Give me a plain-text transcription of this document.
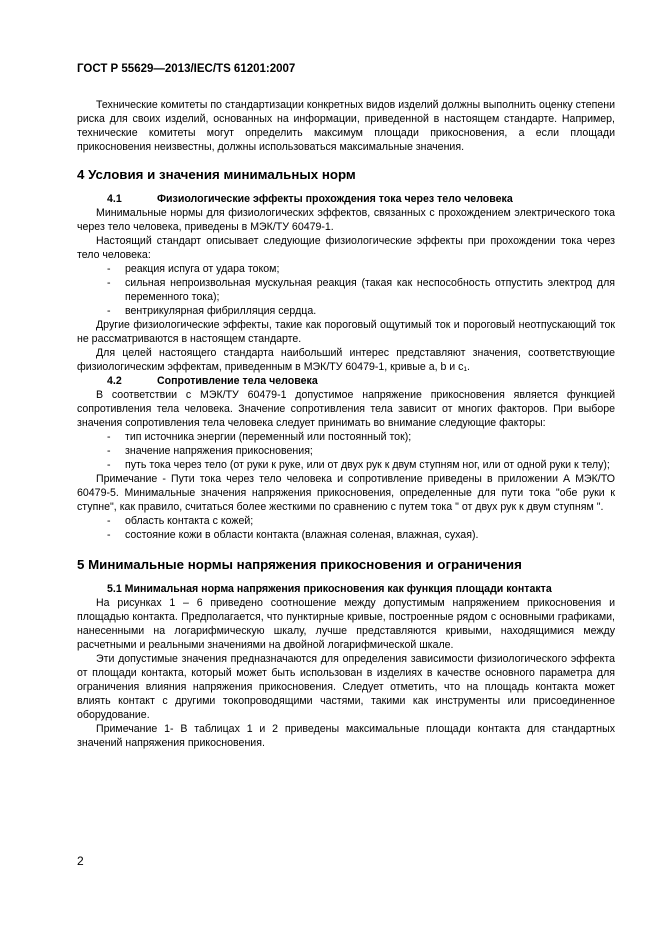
ГОСТ Р 55629—2013/IEC/TS 61201:2007

Технические комитеты по стандартизации конкретных видов изделий должны выполнить оценку степени риска для своих изделий, основанных на информации, приведенной в настоящем стандарте. Например, технические комитеты могут определить максимум площади прикосновения, а если площади прикосновения неизвестны, должны использоваться максимальные значения.

4 Условия и значения минимальных норм
4.1	Физиологические эффекты прохождения тока через тело человека

Минимальные нормы для физиологических эффектов, связанных с прохождением электрического тока через тело человека, приведены в МЭК/ТУ 60479-1.

Настоящий стандарт описывает следующие физиологические эффекты при прохождении тока через тело человека:

-	реакция испуга от удара током;
-	сильная непроизвольная мускульная реакция (такая как неспособность отпустить электрод для переменного тока);
-	вентрикулярная фибрилляция сердца.

Другие физиологические эффекты, такие как пороговый ощутимый ток и пороговый неотпускающий ток не рассматриваются в настоящем стандарте.

Для целей настоящего стандарта наибольший интерес представляют значения, соответствующие физиологическим эффектам, приведенным в МЭК/ТУ 60479-1, кривые a, b и c₁.

4.2	Сопротивление тела человека

В соответствии с МЭК/ТУ 60479-1 допустимое напряжение прикосновения является функцией сопротивления тела человека. Значение сопротивления тела зависит от многих факторов. При выборе значения сопротивления тела человека следует принимать во внимание следующие факторы:

-	тип источника энергии (переменный или постоянный ток);
-	значение напряжения прикосновения;
-	путь тока через тело (от руки к руке, или от двух рук к двум ступням ног, или от одной руки к телу);

Примечание - Пути тока через тело человека и сопротивление приведены в приложении А МЭК/ТО 60479-5. Минимальные значения напряжения прикосновения, определенные для пути тока "обе руки к ступне", как правило, считаться более жесткими по сравнению с путем тока " от двух рук к двум ступням ".

-	область контакта с кожей;
-	состояние кожи в области контакта (влажная соленая, влажная, сухая).
5 Минимальные нормы напряжения прикосновения и ограничения
5.1 Минимальная норма напряжения прикосновения как функция площади контакта

На рисунках 1 – 6 приведено соотношение между допустимым напряжением прикосновения и площадью контакта. Предполагается, что пунктирные кривые, построенные рядом с основными графиками, нанесенными на логарифмическую шкалу, лучше представляются кривыми, находящимися между расчетными и реальными значениями на двойной логарифмической шкале.

Эти допустимые значения предназначаются для определения зависимости физиологического эффекта от площади контакта, который может быть использован в изделиях в качестве основного параметра для ограничения влияния напряжения прикосновения. Следует отметить, что на площадь контакта может влиять контакт с другими токопроводящими частями, такими как инструменты или присоединенное оборудование.

Примечание 1- В таблицах 1 и 2 приведены максимальные площади контакта для стандартных значений напряжения прикосновения.

2
